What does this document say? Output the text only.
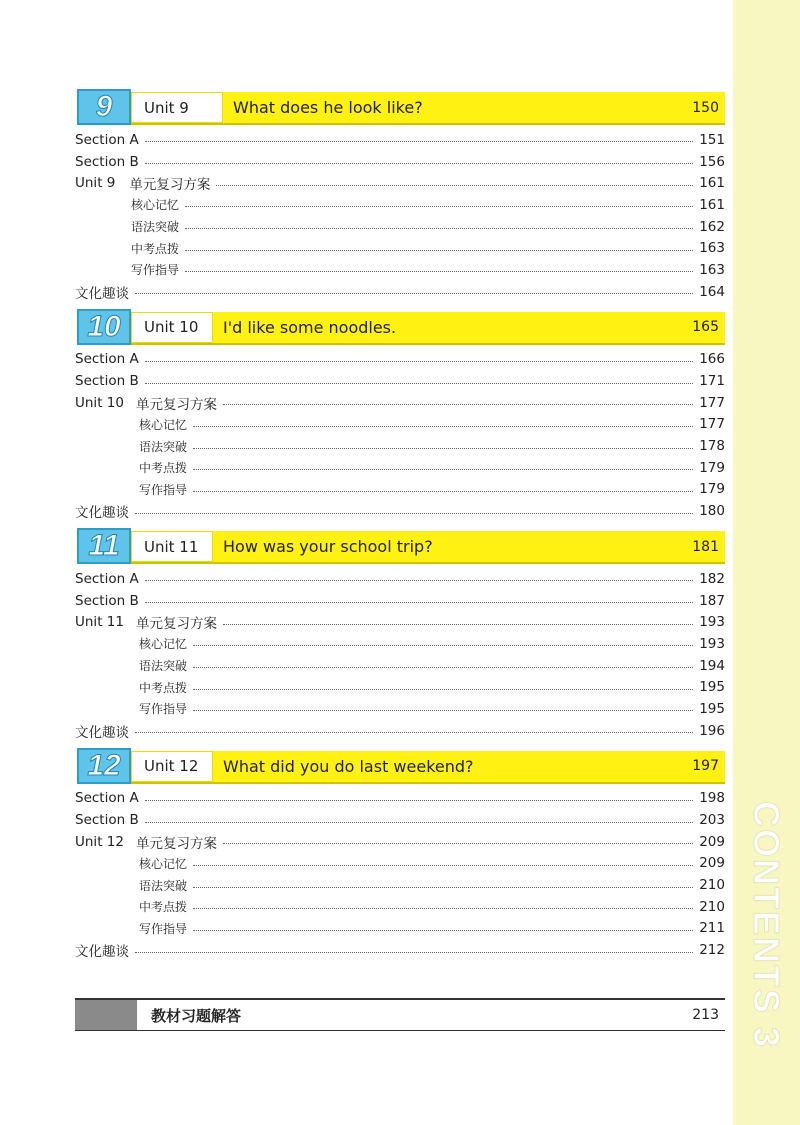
CONTENTS 3
9	Unit 9	What does he look like?	150
Section A	151
Section B	156
Unit 9 单元复习方案	161
核心记忆	161
语法突破	162
中考点拨	163
写作指导	163
文化趣谈	164
10	Unit 10	I'd like some noodles.	165
Section A	166
Section B	171
Unit 10 单元复习方案	177
核心记忆	177
语法突破	178
中考点拨	179
写作指导	179
文化趣谈	180
11	Unit 11	How was your school trip?	181
Section A	182
Section B	187
Unit 11 单元复习方案	193
核心记忆	193
语法突破	194
中考点拨	195
写作指导	195
文化趣谈	196
12	Unit 12	What did you do last weekend?	197
Section A	198
Section B	203
Unit 12 单元复习方案	209
核心记忆	209
语法突破	210
中考点拨	210
写作指导	211
文化趣谈	212
教材习题解答	213
